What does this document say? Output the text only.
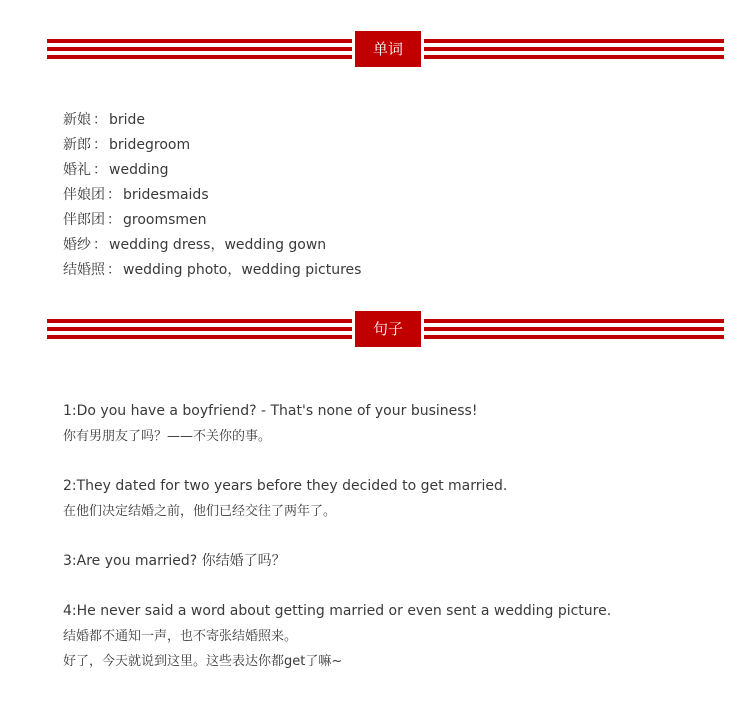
单词
新娘 ： bride
新郎 ： bridegroom
婚礼 ： wedding
伴娘团 ： bridesmaids
伴郎团 ： groomsmen
婚纱 ： wedding dress，wedding gown
结婚照 ： wedding photo，wedding pictures
句子
1:Do you have a boyfriend? - That's none of your business!
你有男朋友了吗？——不关你的事。
2:They dated for two years before they decided to get married.
在他们决定结婚之前，他们已经交往了两年了。
3:Are you married? 你结婚了吗？
4:He never said a word about getting married or even sent a wedding picture.
结婚都不通知一声，也不寄张结婚照来。
好了，今天就说到这里。这些表达你都get了嘛~
